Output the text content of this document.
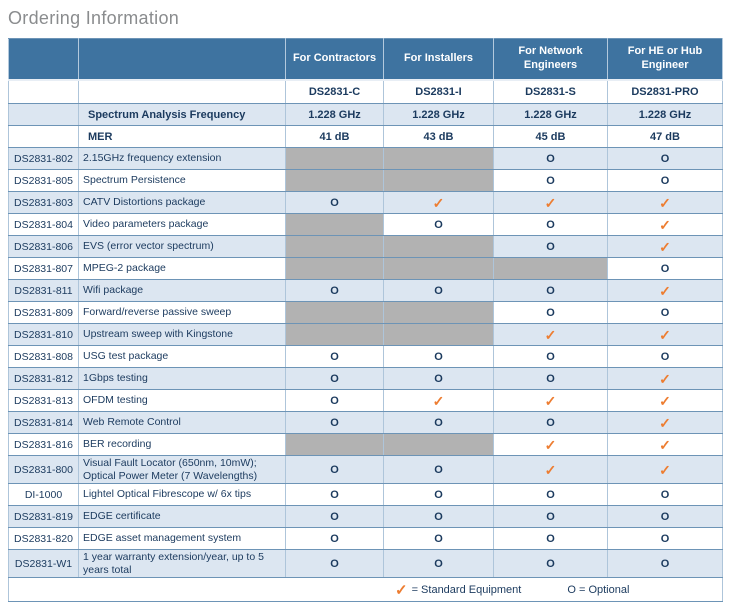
Ordering Information
		For Contractors	For Installers	For Network Engineers	For HE or Hub Engineer
		DS2831-C	DS2831-I	DS2831-S	DS2831-PRO
	Spectrum Analysis Frequency	1.228 GHz	1.228 GHz	1.228 GHz	1.228 GHz
	MER	41 dB	43 dB	45 dB	47 dB
DS2831-802	2.15GHz frequency extension			O	O
DS2831-805	Spectrum Persistence			O	O
DS2831-803	CATV Distortions package	O	✓	✓	✓
DS2831-804	Video parameters package		O	O	✓
DS2831-806	EVS (error vector spectrum)			O	✓
DS2831-807	MPEG-2 package				O
DS2831-811	Wifi package	O	O	O	✓
DS2831-809	Forward/reverse passive sweep			O	O
DS2831-810	Upstream sweep with Kingstone			✓	✓
DS2831-808	USG test package	O	O	O	O
DS2831-812	1Gbps testing	O	O	O	✓
DS2831-813	OFDM testing	O	✓	✓	✓
DS2831-814	Web Remote Control	O	O	O	✓
DS2831-816	BER recording			✓	✓
DS2831-800	Visual Fault Locator (650nm, 10mW); Optical Power Meter (7 Wavelengths)	O	O	✓	✓
DI-1000	Lightel Optical Fibrescope w/ 6x tips	O	O	O	O
DS2831-819	EDGE certificate	O	O	O	O
DS2831-820	EDGE asset management system	O	O	O	O
DS2831-W1	1 year warranty extension/year, up to 5 years total	O	O	O	O

✓ = Standard Equipment O = Optional					
